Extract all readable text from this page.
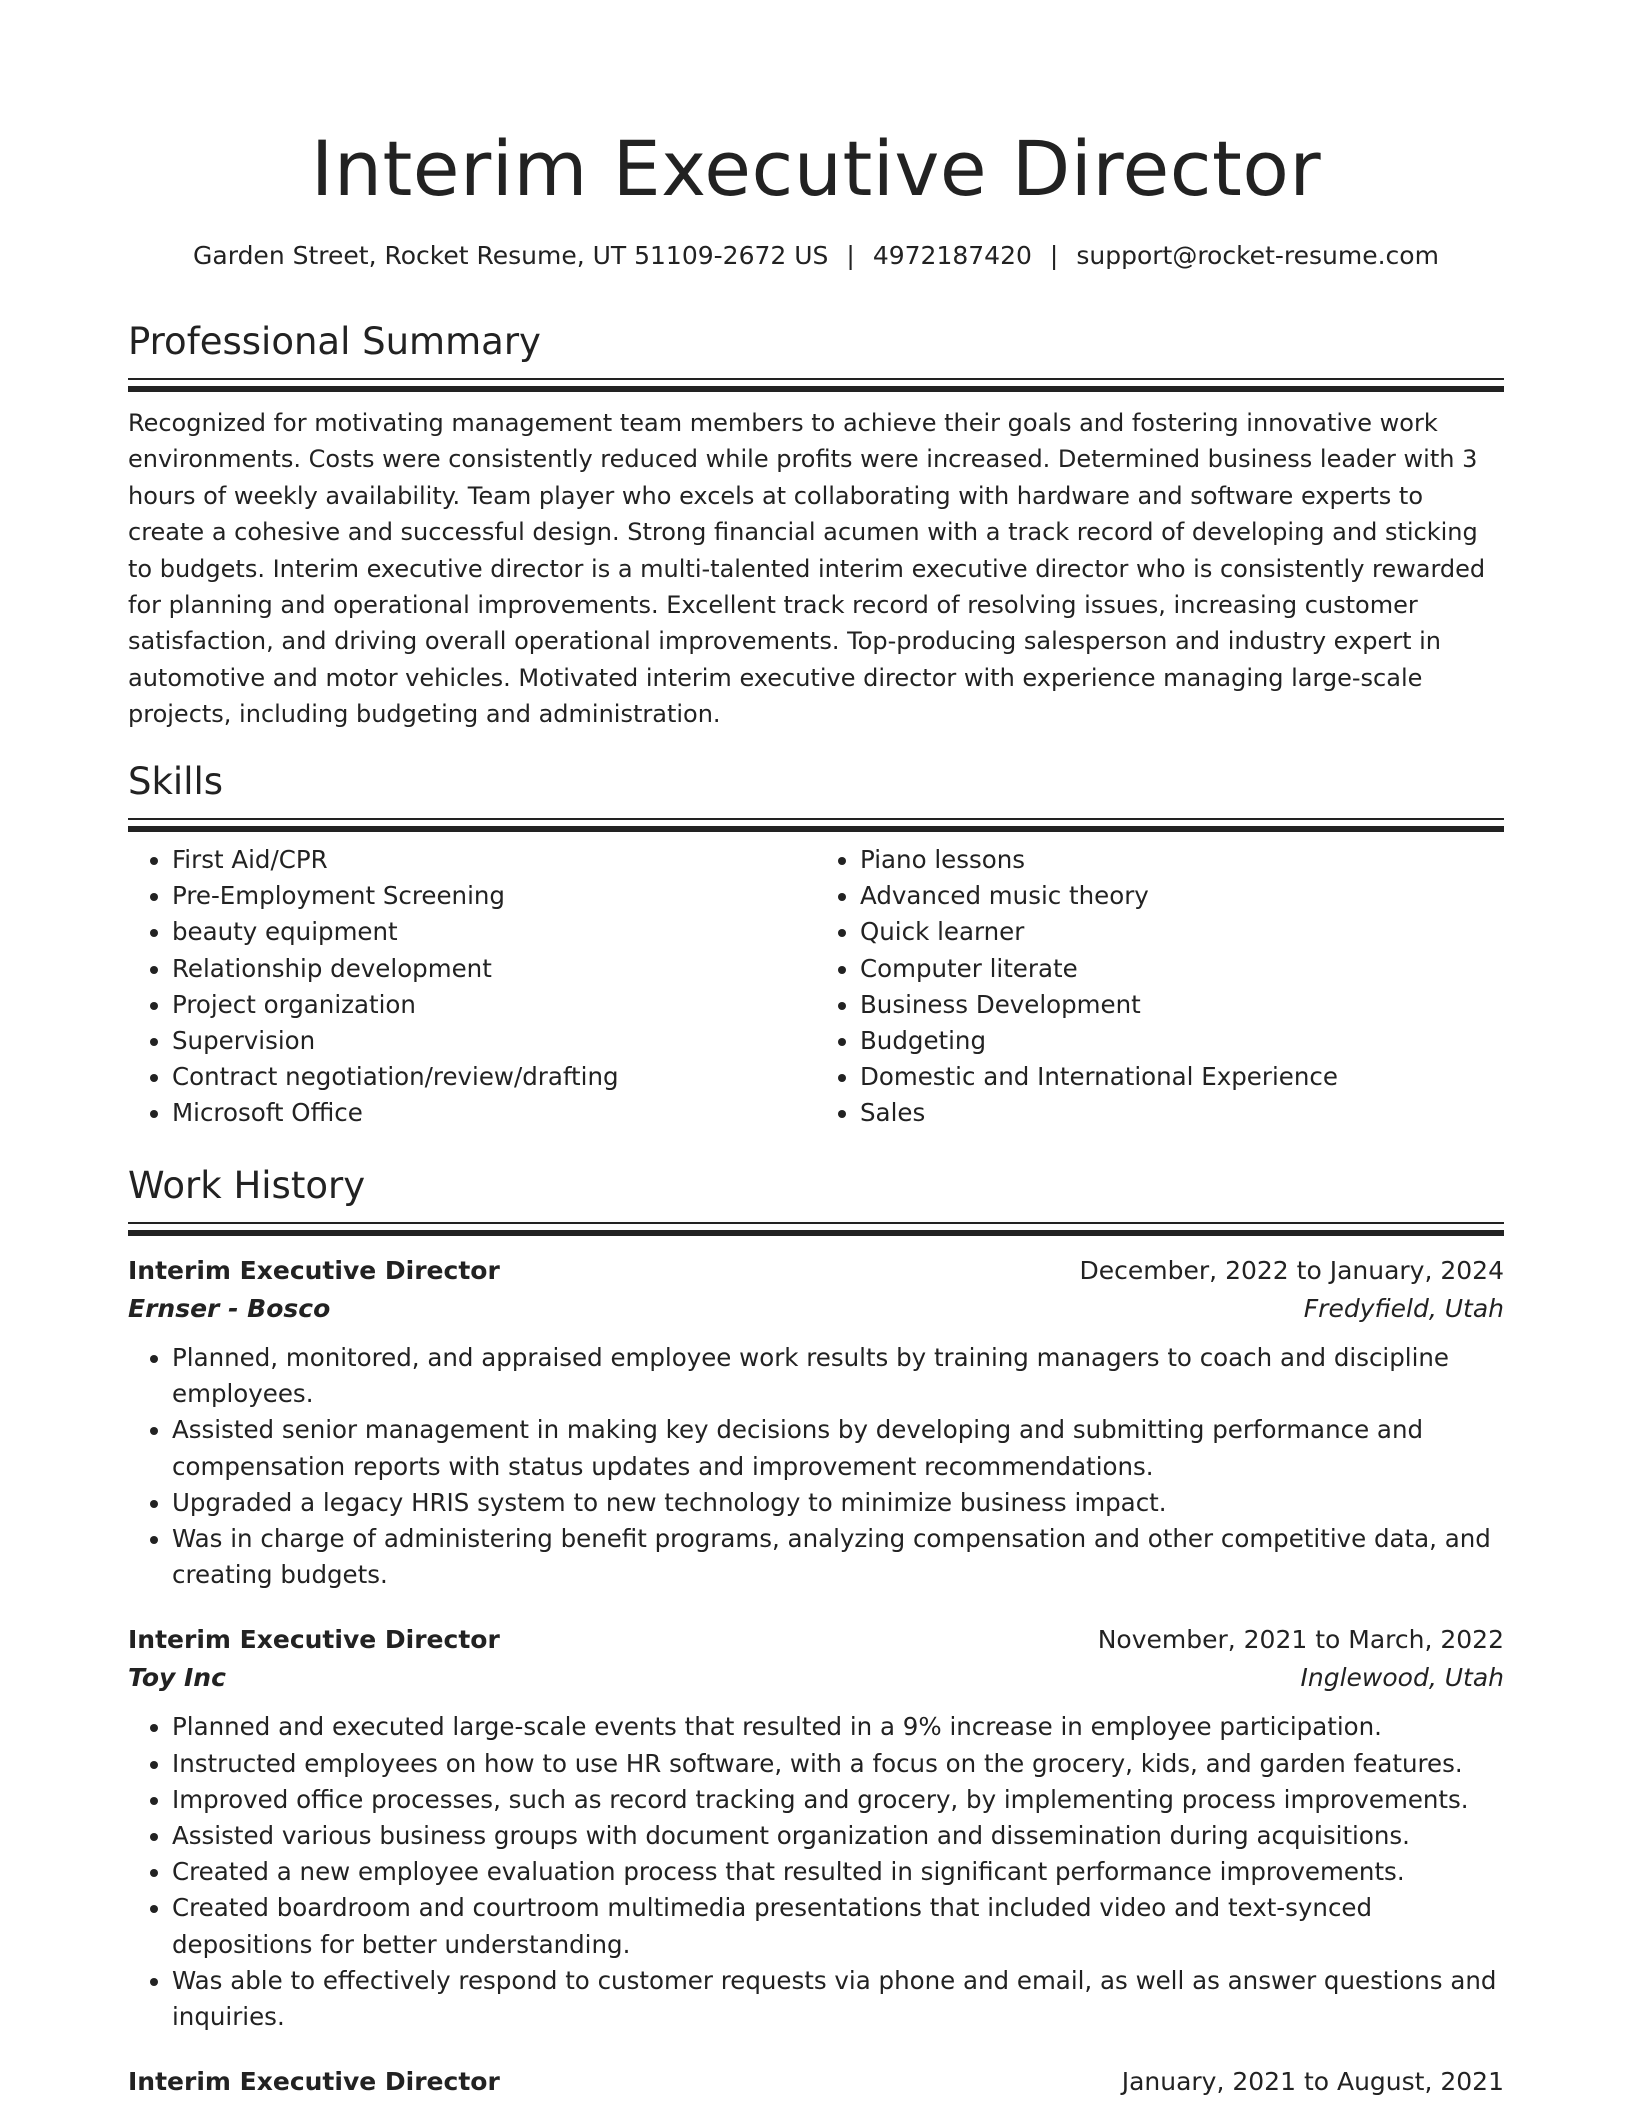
Interim Executive Director
Garden Street, Rocket Resume, UT 51109-2672 US | 4972187420 | support@rocket-resume.com
Professional Summary

Recognized for motivating management team members to achieve their goals and fostering innovative work environments. Costs were consistently reduced while profits were increased. Determined business leader with 3 hours of weekly availability. Team player who excels at collaborating with hardware and software experts to create a cohesive and successful design. Strong financial acumen with a track record of developing and sticking to budgets. Interim executive director is a multi-talented interim executive director who is consistently rewarded for planning and operational improvements. Excellent track record of resolving issues, increasing customer satisfaction, and driving overall operational improvements. Top-producing salesperson and industry expert in automotive and motor vehicles. Motivated interim executive director with experience managing large-scale projects, including budgeting and administration.

Skills
• First Aid/CPR
• Pre-Employment Screening
• beauty equipment
• Relationship development
• Project organization
• Supervision
• Contract negotiation/review/drafting
• Microsoft Office
• Piano lessons
• Advanced music theory
• Quick learner
• Computer literate
• Business Development
• Budgeting
• Domestic and International Experience
• Sales
Work History
Interim Executive Director	December, 2022 to January, 2024
Ernser - Bosco	Fredyfield, Utah
• Planned, monitored, and appraised employee work results by training managers to coach and discipline employees.
• Assisted senior management in making key decisions by developing and submitting performance and compensation reports with status updates and improvement recommendations.
• Upgraded a legacy HRIS system to new technology to minimize business impact.
• Was in charge of administering benefit programs, analyzing compensation and other competitive data, and creating budgets.
Interim Executive Director	November, 2021 to March, 2022
Toy Inc	Inglewood, Utah
• Planned and executed large-scale events that resulted in a 9% increase in employee participation.
• Instructed employees on how to use HR software, with a focus on the grocery, kids, and garden features.
• Improved office processes, such as record tracking and grocery, by implementing process improvements.
• Assisted various business groups with document organization and dissemination during acquisitions.
• Created a new employee evaluation process that resulted in significant performance improvements.
• Created boardroom and courtroom multimedia presentations that included video and text-synced depositions for better understanding.
• Was able to effectively respond to customer requests via phone and email, as well as answer questions and inquiries.
Interim Executive Director	January, 2021 to August, 2021
